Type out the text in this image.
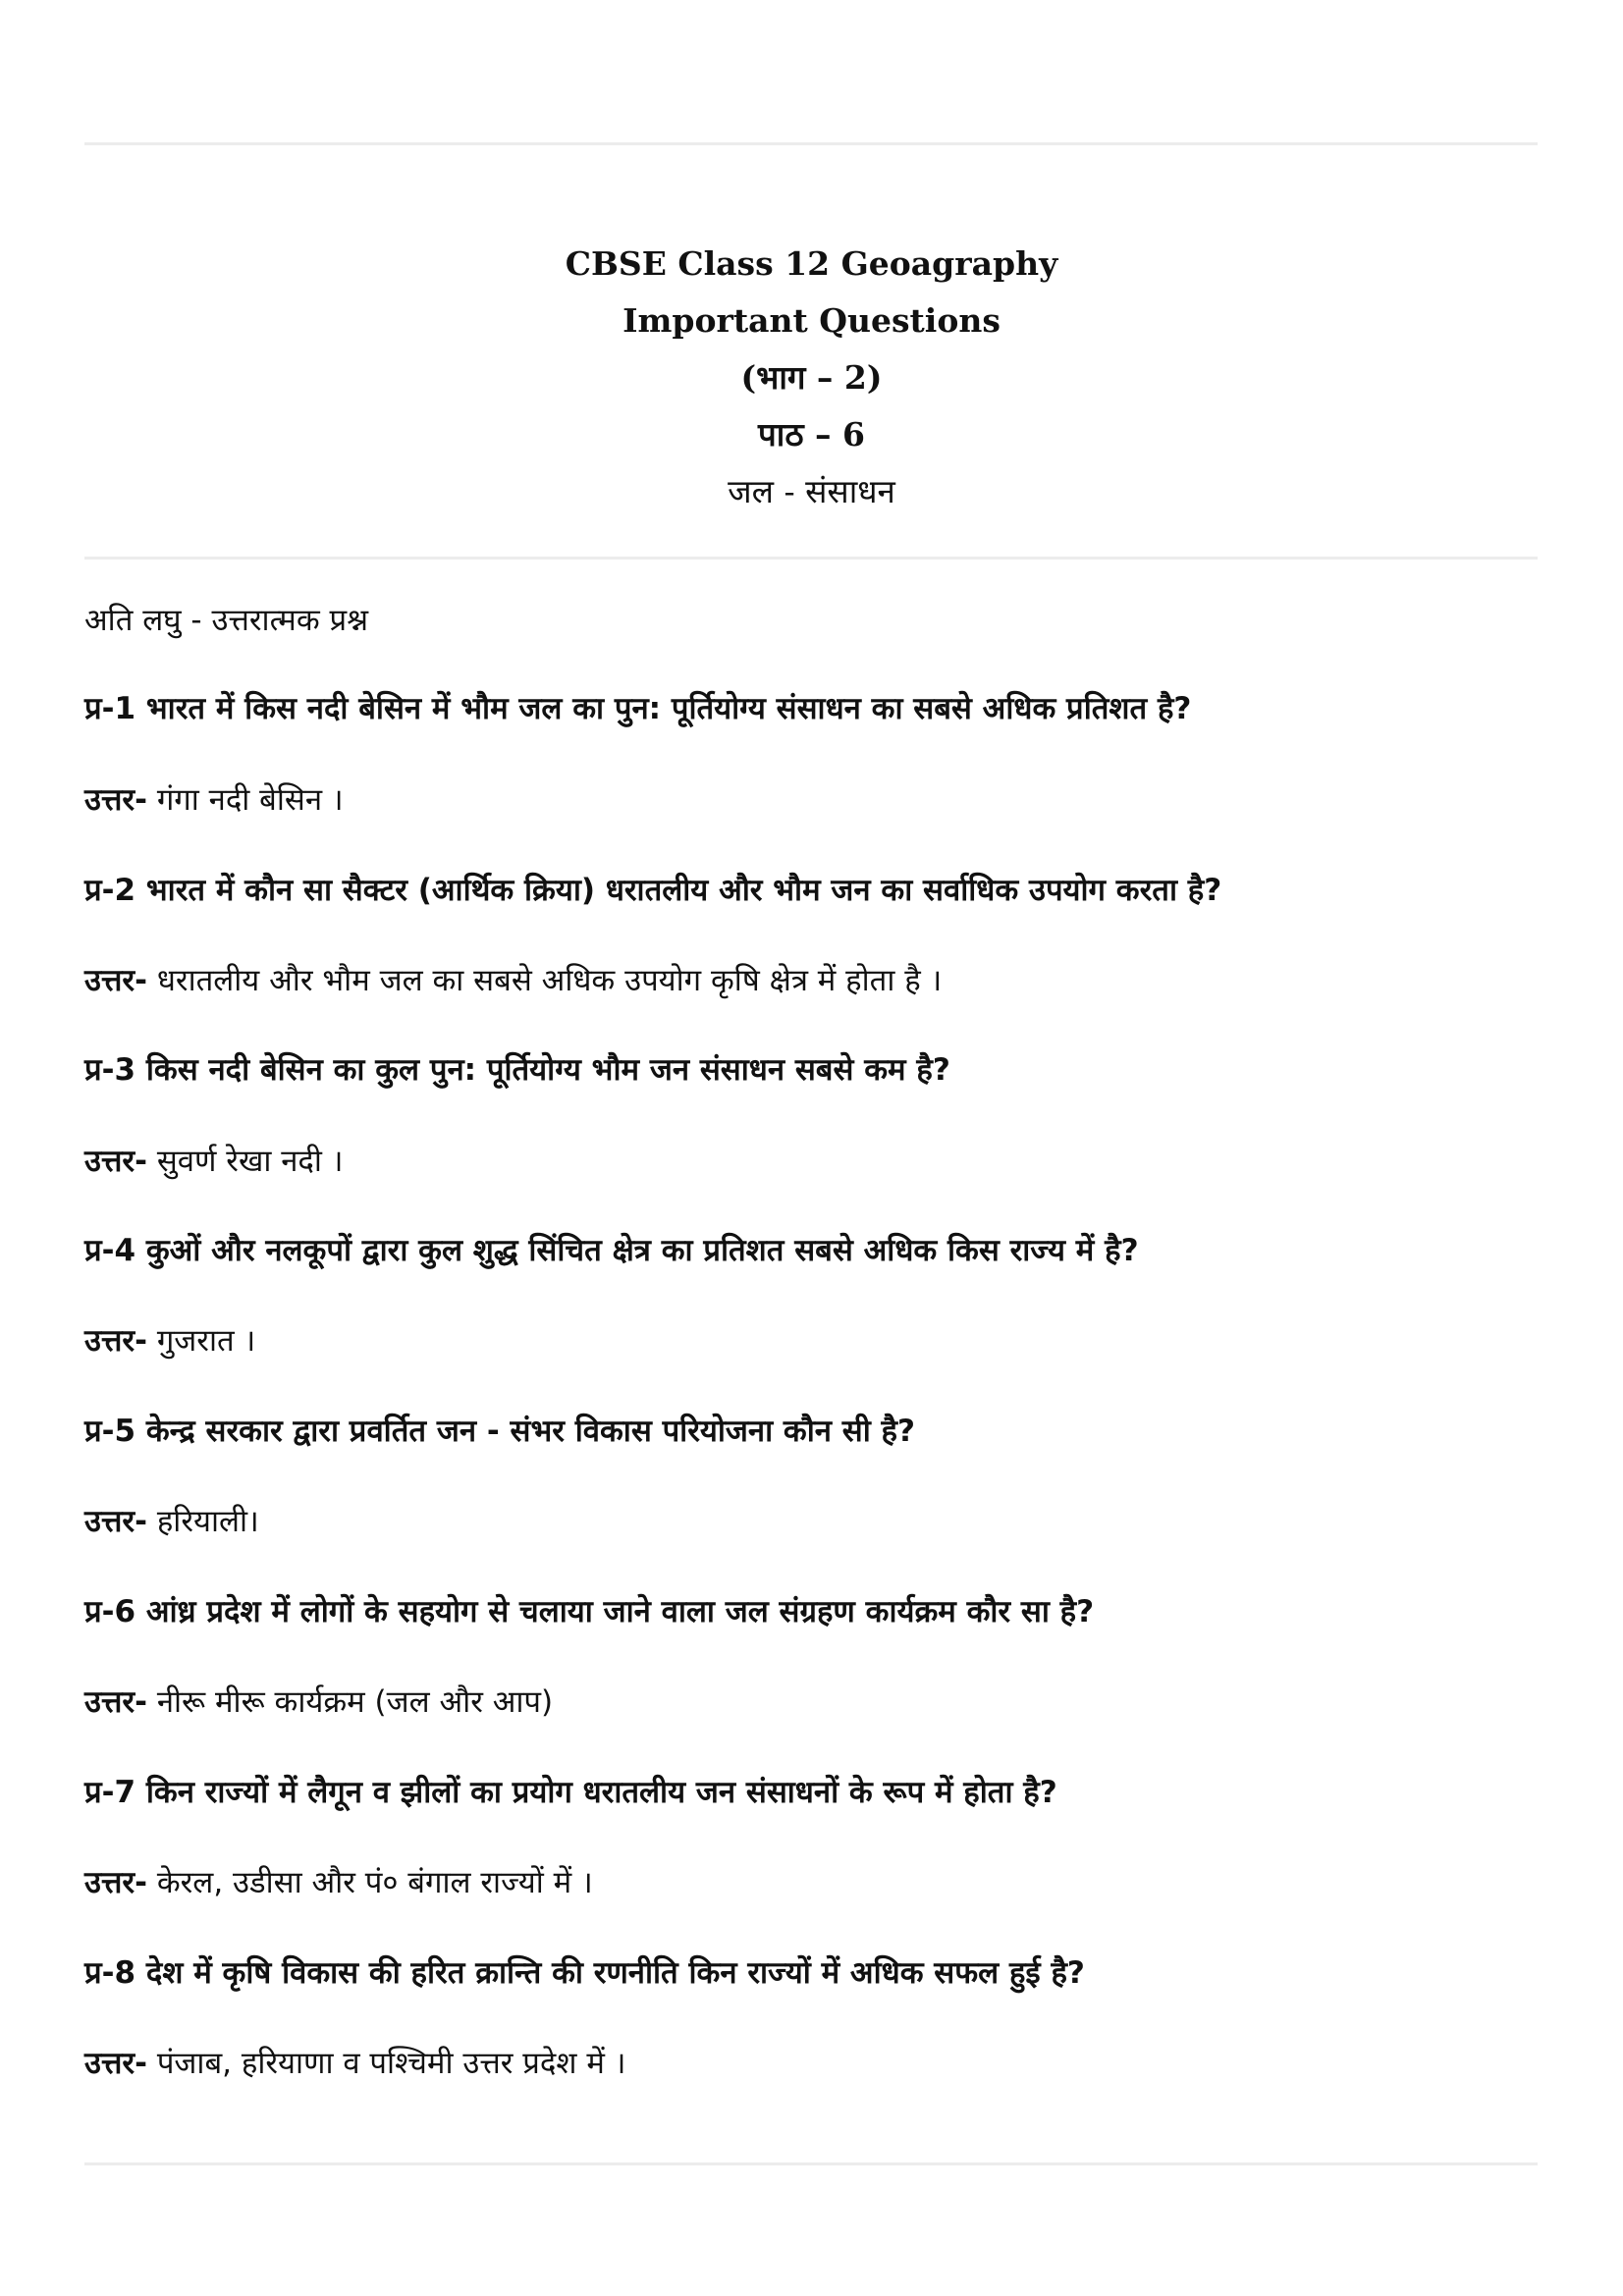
CBSE Class 12 Geoagraphy
Important Questions
(भाग – 2)
पाठ – 6
जल - संसाधन
अति लघु - उत्तरात्मक प्रश्न
प्र-1 भारत में किस नदी बेसिन में भौम जल का पुन: पूर्तियोग्य संसाधन का सबसे अधिक प्रतिशत है?
उत्तर- गंगा नदी बेसिन ।
प्र-2 भारत में कौन सा सैक्टर (आर्थिक क्रिया) धरातलीय और भौम जन का सर्वाधिक उपयोग करता है?
उत्तर- धरातलीय और भौम जल का सबसे अधिक उपयोग कृषि क्षेत्र में होता है ।
प्र-3 किस नदी बेसिन का कुल पुन: पूर्तियोग्य भौम जन संसाधन सबसे कम है?
उत्तर- सुवर्ण रेखा नदी ।
प्र-4 कुओं और नलकूपों द्वारा कुल शुद्ध सिंचित क्षेत्र का प्रतिशत सबसे अधिक किस राज्य में है?
उत्तर- गुजरात ।
प्र-5 केन्द्र सरकार द्वारा प्रवर्तित जन - संभर विकास परियोजना कौन सी है?
उत्तर- हरियाली।
प्र-6 आंध्र प्रदेश में लोगों के सहयोग से चलाया जाने वाला जल संग्रहण कार्यक्रम कौर सा है?
उत्तर- नीरू मीरू कार्यक्रम (जल और आप)
प्र-7 किन राज्यों में लैगून व झीलों का प्रयोग धरातलीय जन संसाधनों के रूप में होता है?
उत्तर- केरल, उडीसा और पं० बंगाल राज्यों में ।
प्र-8 देश में कृषि विकास की हरित क्रान्ति की रणनीति किन राज्यों में अधिक सफल हुई है?
उत्तर- पंजाब, हरियाणा व पश्चिमी उत्तर प्रदेश में ।
